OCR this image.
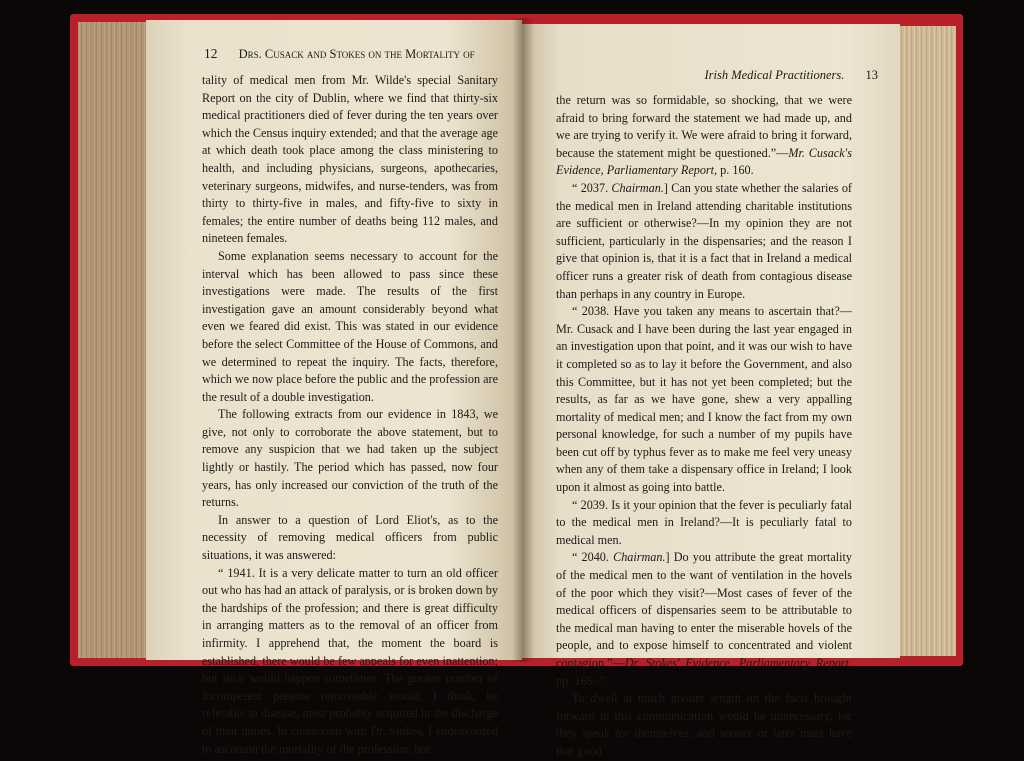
12 Drs. Cusack and Stokes on the Mortality of

tality of medical men from Mr. Wilde's special Sanitary Report on the city of Dublin, where we find that thirty-six medical practitioners died of fever during the ten years over which the Census inquiry extended; and that the average age at which death took place among the class ministering to health, and including physicians, surgeons, apothecaries, veterinary surgeons, midwifes, and nurse-tenders, was from thirty to thirty-five in males, and fifty-five to sixty in females; the entire number of deaths being 112 males, and nineteen females.

Some explanation seems necessary to account for the interval which has been allowed to pass since these investigations were made. The results of the first investigation gave an amount considerably beyond what even we feared did exist. This was stated in our evidence before the select Committee of the House of Commons, and we determined to repeat the inquiry. The facts, therefore, which we now place before the public and the profession are the result of a double investigation.

The following extracts from our evidence in 1843, we give, not only to corroborate the above statement, but to remove any suspicion that we had taken up the subject lightly or hastily. The period which has passed, now four years, has only increased our conviction of the truth of the returns.

In answer to a question of Lord Eliot's, as to the necessity of removing medical officers from public situations, it was answered:

“ 1941. It is a very delicate matter to turn an old officer out who has had an attack of paralysis, or is broken down by the hardships of the profession; and there is great difficulty in arranging matters as to the removal of an officer from infirmity. I apprehend that, the moment the board is established, there would be few appeals for even inattention; but such would happen sometimes. The greater number of incompetent persons removeable would, I think, be referable to disease, most probably acquired in the discharge of their duties. In connexion with Dr. Stokes, I endeavoured to ascertain the mortality of the profession, but

Irish Medical Practitioners. 13

the return was so formidable, so shocking, that we were afraid to bring forward the statement we had made up, and we are trying to verify it. We were afraid to bring it forward, because the statement might be questioned.”—Mr. Cusack's Evidence, Parliamentary Report, p. 160.

“ 2037. Chairman.] Can you state whether the salaries of the medical men in Ireland attending charitable institutions are sufficient or otherwise?—In my opinion they are not sufficient, particularly in the dispensaries; and the reason I give that opinion is, that it is a fact that in Ireland a medical officer runs a greater risk of death from contagious disease than perhaps in any country in Europe.

“ 2038. Have you taken any means to ascertain that?—Mr. Cusack and I have been during the last year engaged in an investigation upon that point, and it was our wish to have it completed so as to lay it before the Government, and also this Committee, but it has not yet been completed; but the results, as far as we have gone, shew a very appalling mortality of medical men; and I know the fact from my own personal knowledge, for such a number of my pupils have been cut off by typhus fever as to make me feel very uneasy when any of them take a dispensary office in Ireland; I look upon it almost as going into battle.

“ 2039. Is it your opinion that the fever is peculiarly fatal to the medical men in Ireland?—It is peculiarly fatal to medical men.

“ 2040. Chairman.] Do you attribute the great mortality of the medical men to the want of ventilation in the hovels of the poor which they visit?—Most cases of fever of the medical officers of dispensaries seem to be attributable to the medical man having to enter the miserable hovels of the people, and to expose himself to concentrated and violent contagion.”—Dr. Stokes' Evidence, Parliamentary Report, pp. 166–7.

To dwell at much greater length on the facts brought forward in this communication would be unnecessary, for they speak for themselves, and sooner or later must have that good
